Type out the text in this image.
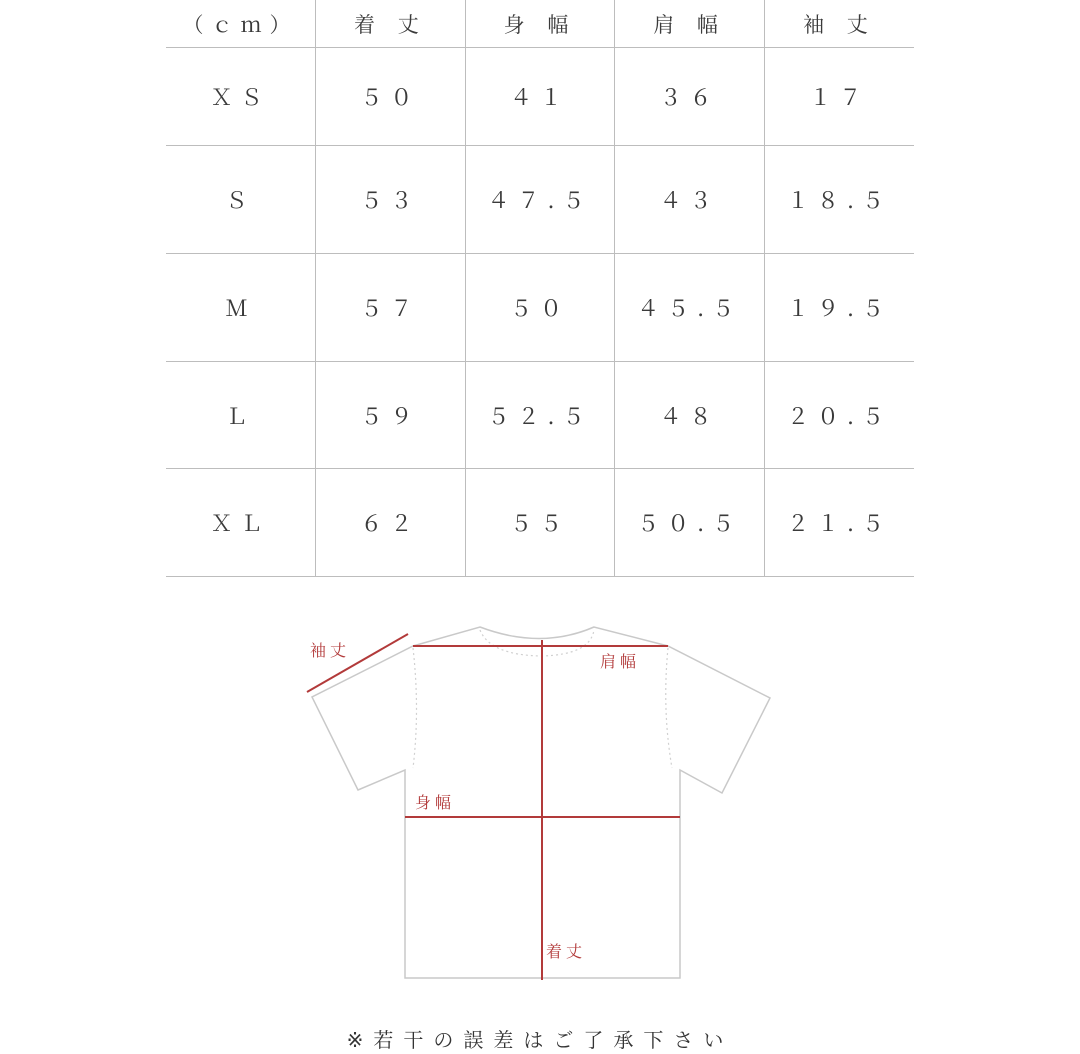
（ｃｍ）	着 丈	身 幅	肩 幅	袖 丈
ＸＳ	５０	４１	３６	１７
Ｓ	５３	４７.５	４３	１８.５
Ｍ	５７	５０	４５.５	１９.５
Ｌ	５９	５２.５	４８	２０.５
ＸＬ	６２	５５	５０.５	２１.５
袖丈
肩幅
身幅
着丈
※若干の誤差はご了承下さい
